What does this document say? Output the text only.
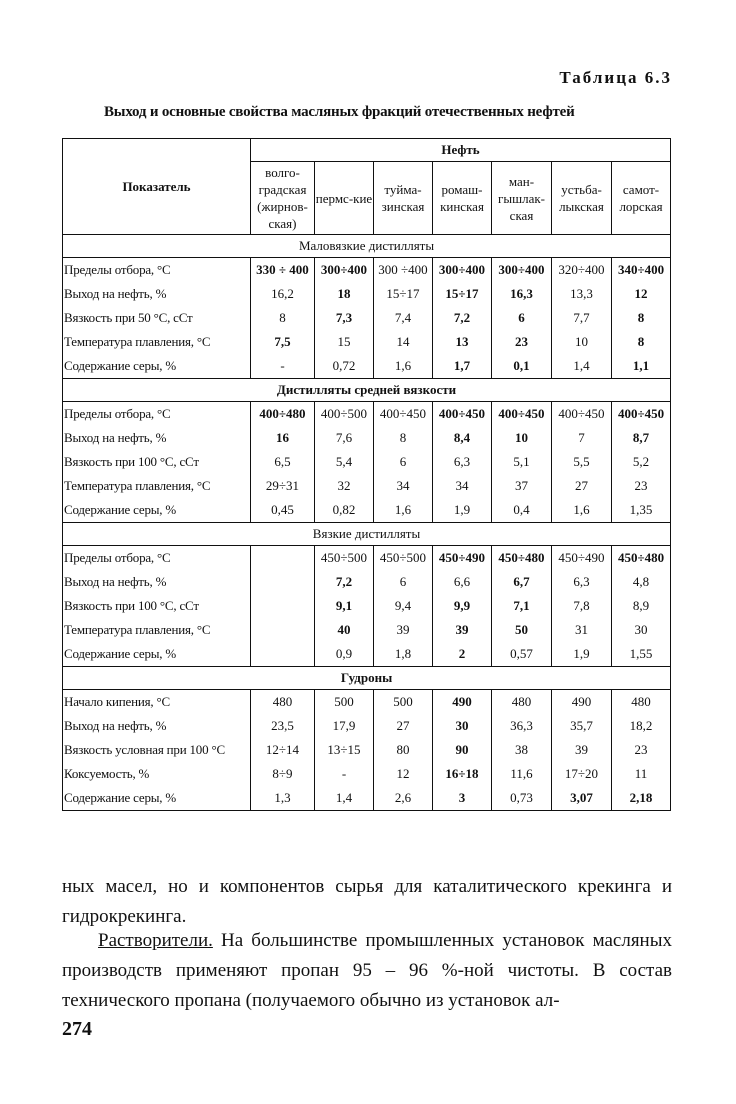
Таблица 6.3
Выход и основные свойства масляных фракций отечественных нефтей
Показатель	Нефть						
	волго-градская (жирнов-ская)	пермс-кие	туйма-зинская	ромаш-кинская	ман-гышлак-ская	устьба-лыкская	самот-лорская
Маловязкие дистилляты							
Пределы отбора, °С	330 ÷ 400	300÷400	300 ÷400	300÷400	300÷400	320÷400	340÷400
Выход на нефть, %	16,2	18	15÷17	15÷17	16,3	13,3	12
Вязкость при 50 °С, сСт	8	7,3	7,4	7,2	6	7,7	8
Температура плавления, °С	7,5	15	14	13	23	10	8
Содержание серы, %	-	0,72	1,6	1,7	0,1	1,4	1,1
Дистилляты средней вязкости							
Пределы отбора, °С	400÷480	400÷500	400÷450	400÷450	400÷450	400÷450	400÷450
Выход на нефть, %	16	7,6	8	8,4	10	7	8,7
Вязкость при 100 °С, сСт	6,5	5,4	6	6,3	5,1	5,5	5,2
Температура плавления, °С	29÷31	32	34	34	37	27	23
Содержание серы, %	0,45	0,82	1,6	1,9	0,4	1,6	1,35
Вязкие дистилляты							
Пределы отбора, °С		450÷500	450÷500	450÷490	450÷480	450÷490	450÷480
Выход на нефть, %		7,2	6	6,6	6,7	6,3	4,8
Вязкость при 100 °С, сСт		9,1	9,4	9,9	7,1	7,8	8,9
Температура плавления, °С		40	39	39	50	31	30
Содержание серы, %		0,9	1,8	2	0,57	1,9	1,55
Гудроны							
Начало кипения, °С	480	500	500	490	480	490	480
Выход на нефть, %	23,5	17,9	27	30	36,3	35,7	18,2
Вязкость условная при 100 °С	12÷14	13÷15	80	90	38	39	23
Коксуемость, %	8÷9	-	12	16÷18	11,6	17÷20	11
Содержание серы, %	1,3	1,4	2,6	3	0,73	3,07	2,18
ных масел, но и компонентов сырья для каталитического крекинга и гидрокрекинга.
Растворители. На большинстве промышленных установок масляных производств применяют пропан 95 – 96 %-ной чистоты. В состав технического пропана (получаемого обычно из установок ал-
274
